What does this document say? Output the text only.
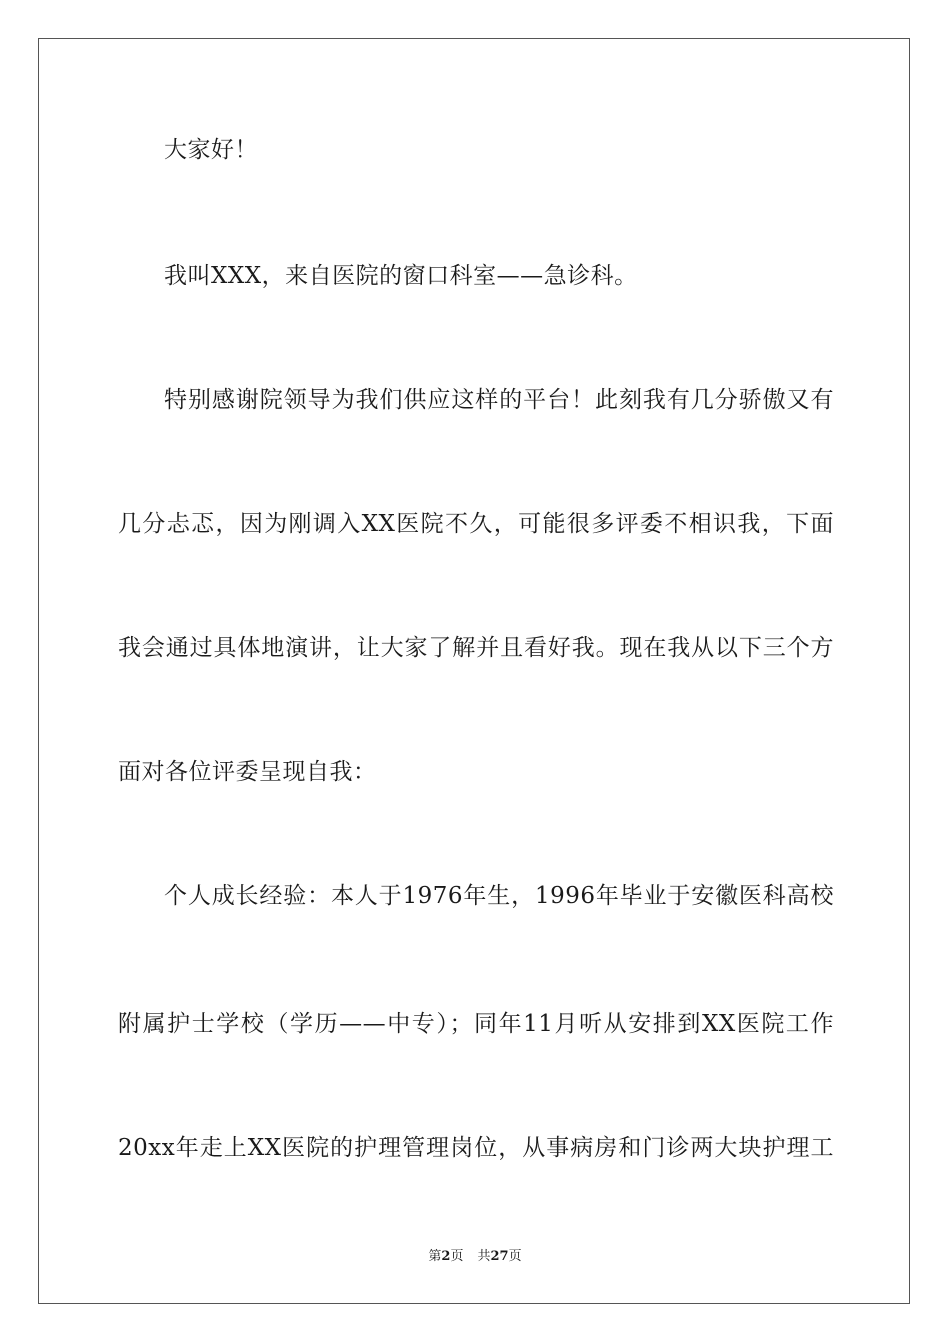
大家好！

我叫XXX，来自医院的窗口科室——急诊科。

特别感谢院领导为我们供应这样的平台！此刻我有几分骄傲又有

几分忐忑，因为刚调入XX医院不久，可能很多评委不相识我，下面

我会通过具体地演讲，让大家了解并且看好我。现在我从以下三个方

面对各位评委呈现自我：

个人成长经验：本人于1976年生，1996年毕业于安徽医科高校

附属护士学校（学历——中专）；同年11月听从安排到XX医院工作

20xx年走上XX医院的护理管理岗位，从事病房和门诊两大块护理工

第2页 共27页
